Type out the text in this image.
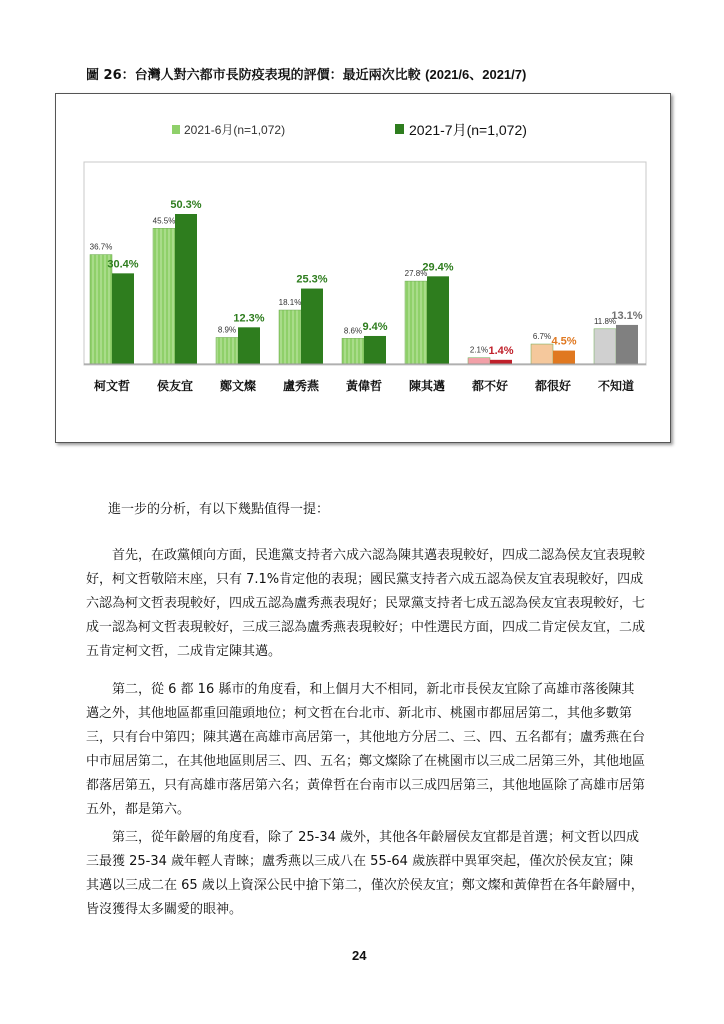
圖 26：台灣人對六都市長防疫表現的評價：最近兩次比較 (2021/6、2021/7)
2021-6月(n=1,072)	2021-7月(n=1,072)
36.7%
30.4%
柯文哲
45.5%
50.3%
侯友宜
8.9%
12.3%
鄭文燦
18.1%
25.3%
盧秀燕
8.6% 9.4%
黃偉哲
27.8%
29.4%
陳其邁
2.1% 1.4%
都不好
6.7% 4.5%
都很好
11.8%
13.1%
不知道
進一步的分析，有以下幾點值得一提：
首先，在政黨傾向方面，民進黨支持者六成六認為陳其邁表現較好，四成二認為侯友宜表現較好，柯文哲敬陪末座，只有 7.1%肯定他的表現；國民黨支持者六成五認為侯友宜表現較好，四成六認為柯文哲表現較好，四成五認為盧秀燕表現好；民眾黨支持者七成五認為侯友宜表現較好，七成一認為柯文哲表現較好，三成三認為盧秀燕表現較好；中性選民方面，四成二肯定侯友宜，二成五肯定柯文哲，二成肯定陳其邁。
第二，從 6 都 16 縣市的角度看，和上個月大不相同，新北市長侯友宜除了高雄市落後陳其邁之外，其他地區都重回龍頭地位；柯文哲在台北市、新北市、桃園市都屈居第二，其他多數第三，只有台中第四；陳其邁在高雄市高居第一，其他地方分居二、三、四、五名都有；盧秀燕在台中市屈居第二，在其他地區則居三、四、五名；鄭文燦除了在桃園市以三成二居第三外，其他地區都落居第五，只有高雄市落居第六名；黃偉哲在台南市以三成四居第三，其他地區除了高雄市居第五外，都是第六。
第三，從年齡層的角度看，除了 25-34 歲外，其他各年齡層侯友宜都是首選；柯文哲以四成三最獲 25-34 歲年輕人青睞；盧秀燕以三成八在 55-64 歲族群中異軍突起，僅次於侯友宜；陳其邁以三成二在 65 歲以上資深公民中搶下第二，僅次於侯友宜；鄭文燦和黃偉哲在各年齡層中，皆沒獲得太多關愛的眼神。
24
